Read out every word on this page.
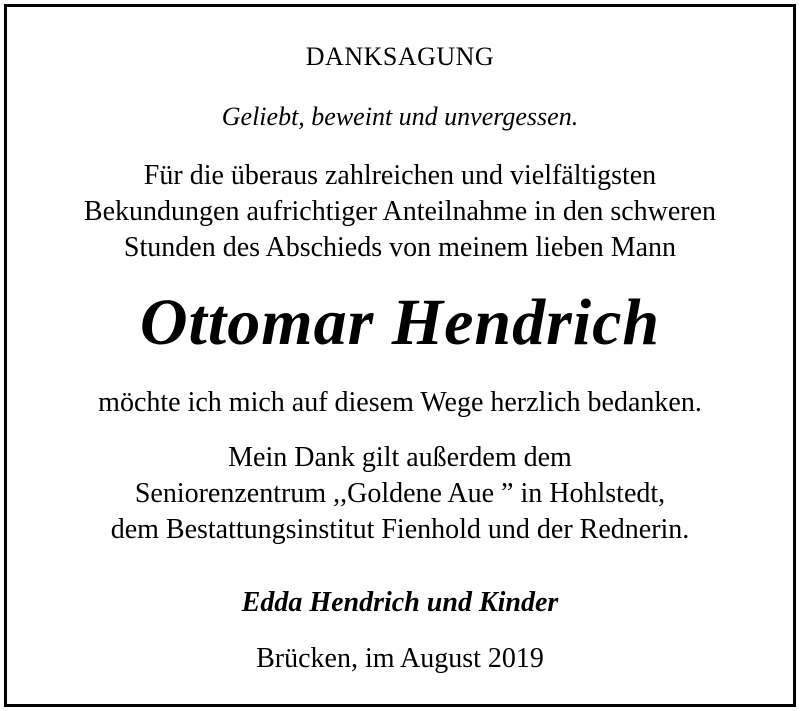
DANKSAGUNG

Geliebt, beweint und unvergessen.

Für die überaus zahlreichen und vielfältigsten

Bekundungen aufrichtiger Anteilnahme in den schweren

Stunden des Abschieds von meinem lieben Mann

Ottomar Hendrich

möchte ich mich auf diesem Wege herzlich bedanken.

Mein Dank gilt außerdem dem

Seniorenzentrum ,,Goldene Aue ” in Hohlstedt,

dem Bestattungsinstitut Fienhold und der Rednerin.

Edda Hendrich und Kinder

Brücken, im August 2019
